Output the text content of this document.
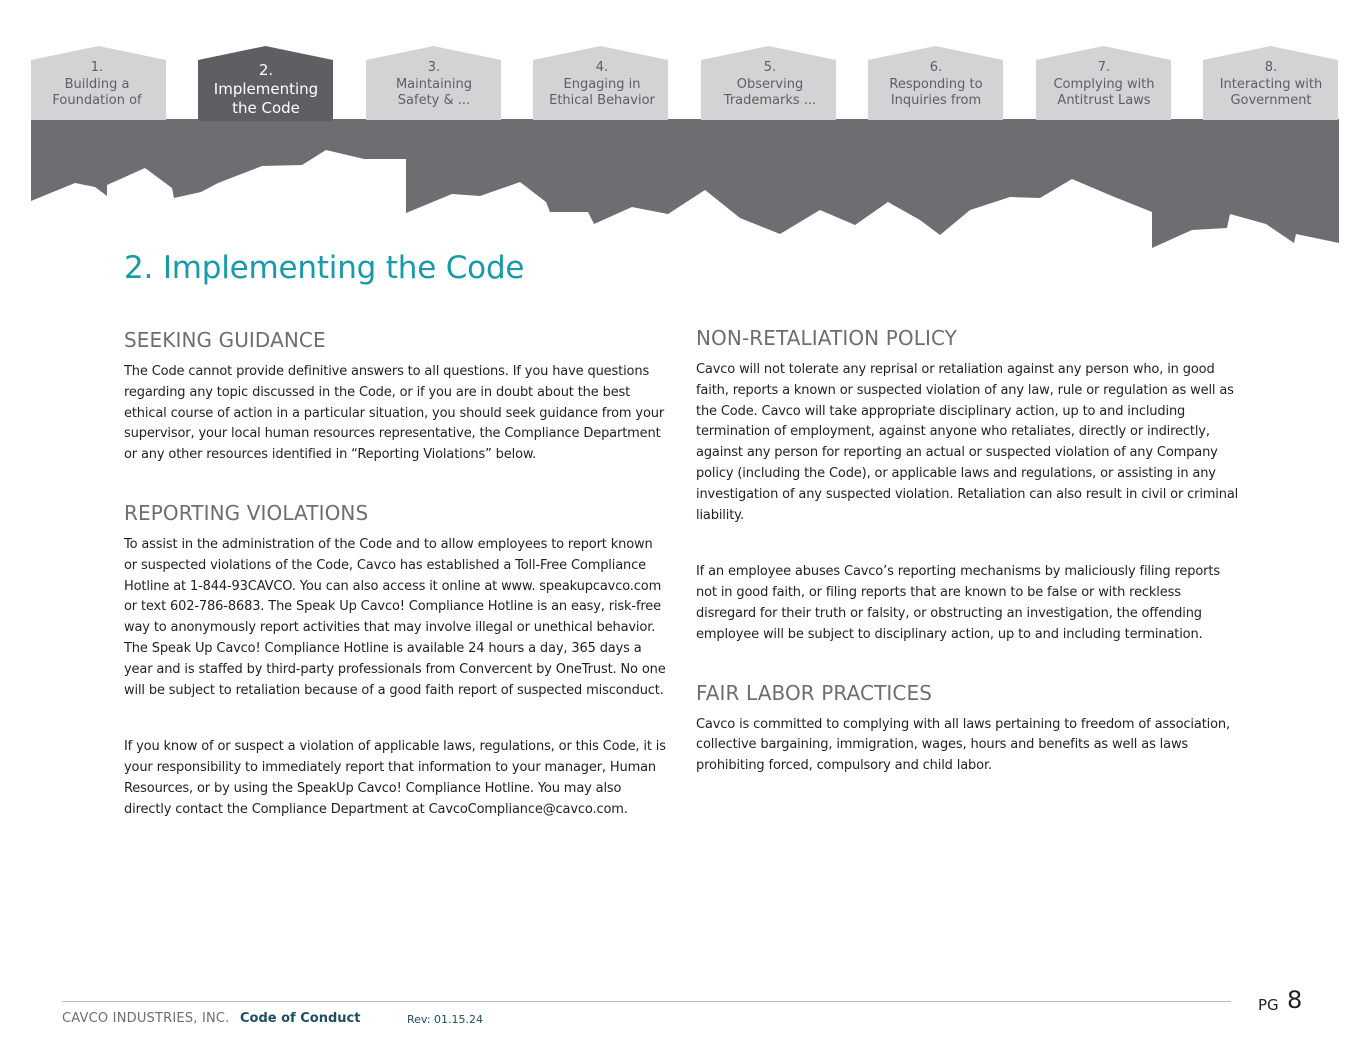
1.
Building a
Foundation of
2.
Implementing
the Code
3.
Maintaining
Safety & ...
4.
Engaging in
Ethical Behavior
5.
Observing
Trademarks ...
6.
Responding to
Inquiries from
7.
Complying with
Antitrust Laws
8.
Interacting with
Government
2. Implementing the Code
SEEKING GUIDANCE

The Code cannot provide definitive answers to all questions. If you have questions regarding any topic discussed in the Code, or if you are in doubt about the best ethical course of action in a particular situation, you should seek guidance from your supervisor, your local human resources representative, the Compliance Department or any other resources identified in “Reporting Violations” below.

REPORTING VIOLATIONS

To assist in the administration of the Code and to allow employees to report known or suspected violations of the Code, Cavco has established a Toll-Free Compliance Hotline at 1-844-93CAVCO. You can also access it online at www. speakupcavco.com or text 602-786-8683. The Speak Up Cavco! Compliance Hotline is an easy, risk-free way to anonymously report activities that may involve illegal or unethical behavior. The Speak Up Cavco! Compliance Hotline is available 24 hours a day, 365 days a year and is staffed by third-party professionals from Convercent by OneTrust. No one will be subject to retaliation because of a good faith report of suspected misconduct.

If you know of or suspect a violation of applicable laws, regulations, or this Code, it is your responsibility to immediately report that information to your manager, Human Resources, or by using the SpeakUp Cavco! Compliance Hotline. You may also directly contact the Compliance Department at CavcoCompliance@cavco.com.

NON-RETALIATION POLICY

Cavco will not tolerate any reprisal or retaliation against any person who, in good faith, reports a known or suspected violation of any law, rule or regulation as well as the Code. Cavco will take appropriate disciplinary action, up to and including termination of employment, against anyone who retaliates, directly or indirectly, against any person for reporting an actual or suspected violation of any Company policy (including the Code), or applicable laws and regulations, or assisting in any investigation of any suspected violation. Retaliation can also result in civil or criminal liability.

If an employee abuses Cavco’s reporting mechanisms by maliciously filing reports not in good faith, or filing reports that are known to be false or with reckless disregard for their truth or falsity, or obstructing an investigation, the offending employee will be subject to disciplinary action, up to and including termination.

FAIR LABOR PRACTICES

Cavco is committed to complying with all laws pertaining to freedom of association, collective bargaining, immigration, wages, hours and benefits as well as laws prohibiting forced, compulsory and child labor.

CAVCO INDUSTRIES, INC. Code of Conduct	Rev: 01.15.24
PG 8
